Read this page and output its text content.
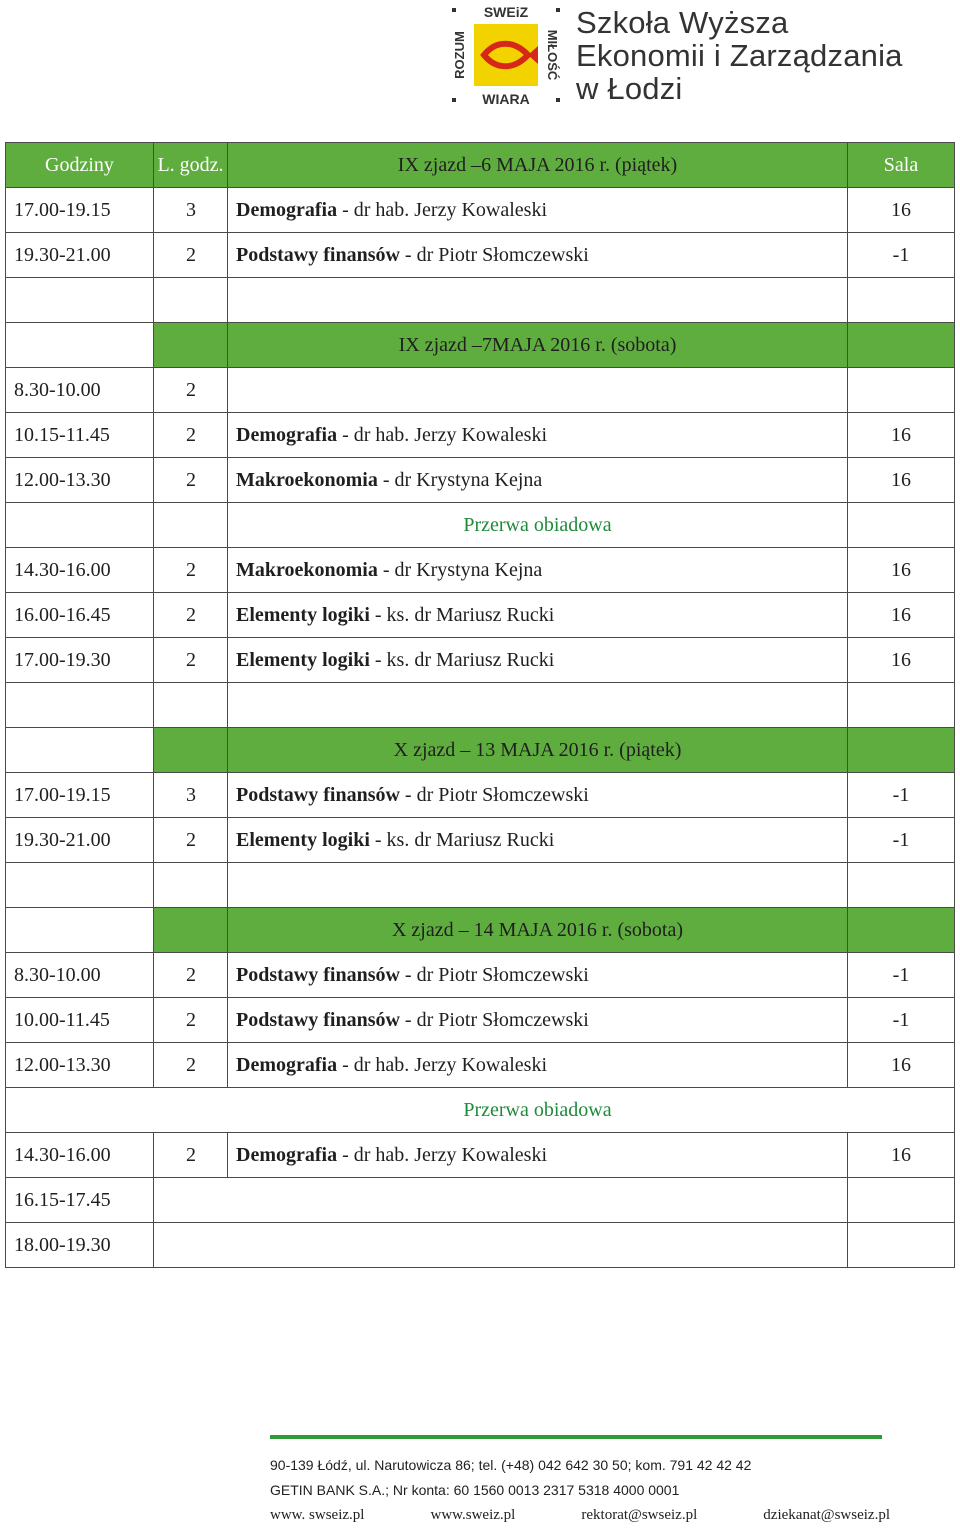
SWEiZ
WIARA
ROZUM	MIŁOŚĆ
Szkoła Wyższa
Ekonomii i Zarządzania
w Łodzi
Godziny	L. godz.	IX zjazd –6 MAJA 2016 r. (piątek)	Sala
17.00-19.15	3	Demografia - dr hab. Jerzy Kowaleski	16
19.30-21.00	2	Podstawy finansów - dr Piotr Słomczewski	-1

		IX zjazd –7MAJA 2016 r. (sobota)	
8.30-10.00	2		
10.15-11.45	2	Demografia - dr hab. Jerzy Kowaleski	16
12.00-13.30	2	Makroekonomia - dr Krystyna Kejna	16
		Przerwa obiadowa	
14.30-16.00	2	Makroekonomia - dr Krystyna Kejna	16
16.00-16.45	2	Elementy logiki - ks. dr Mariusz Rucki	16
17.00-19.30	2	Elementy logiki - ks. dr Mariusz Rucki	16

		X zjazd – 13 MAJA 2016 r. (piątek)	
17.00-19.15	3	Podstawy finansów - dr Piotr Słomczewski	-1
19.30-21.00	2	Elementy logiki - ks. dr Mariusz Rucki	-1

		X zjazd – 14 MAJA 2016 r. (sobota)	
8.30-10.00	2	Podstawy finansów - dr Piotr Słomczewski	-1
10.00-11.45	2	Podstawy finansów - dr Piotr Słomczewski	-1
12.00-13.30	2	Demografia - dr hab. Jerzy Kowaleski	16
		Przerwa obiadowa	
14.30-16.00	2	Demografia - dr hab. Jerzy Kowaleski	16
16.15-17.45			
18.00-19.30			
90-139 Łódź, ul. Narutowicza 86; tel. (+48) 042 642 30 50; kom. 791 42 42 42
GETIN BANK S.A.; Nr konta: 60 1560 0013 2317 5318 4000 0001
www. swseiz.pl	www.sweiz.pl	rektorat@swseiz.pl	dziekanat@swseiz.pl
